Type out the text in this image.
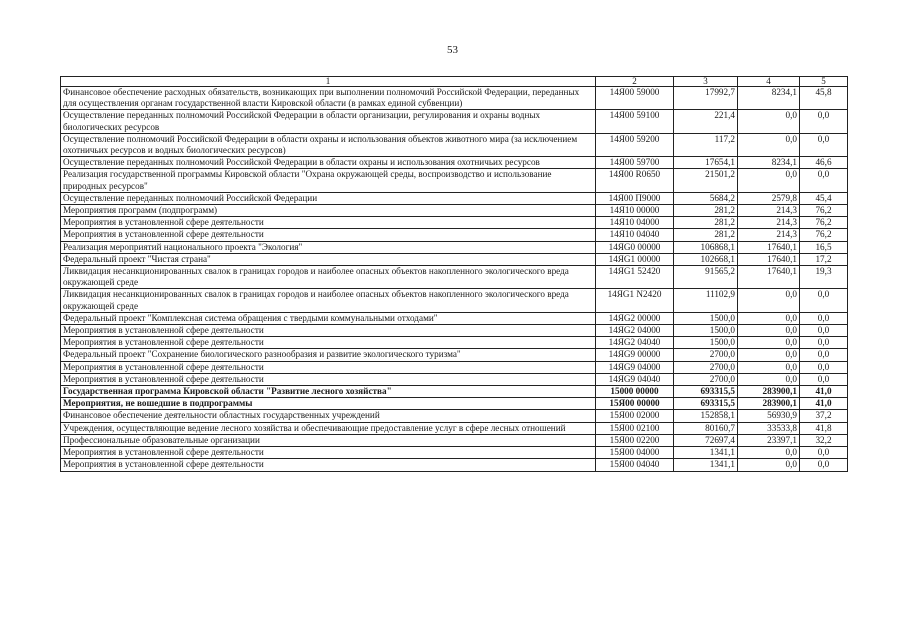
53
1	2	3	4	5
Финансовое обеспечение расходных обязательств, возникающих при выполнении полномочий Российской Федерации, переданных для осуществления органам государственной власти Кировской области (в рамках единой субвенции)	14Я00 59000	17992,7	8234,1	45,8
Осуществление переданных полномочий Российской Федерации в области организации, регулирования и охраны водных биологических ресурсов	14Я00 59100	221,4	0,0	0,0
Осуществление полномочий Российской Федерации в области охраны и использования объектов животного мира (за исключением охотничьих ресурсов и водных биологических ресурсов)	14Я00 59200	117,2	0,0	0,0
Осуществление переданных полномочий Российской Федерации в области охраны и использования охотничьих ресурсов	14Я00 59700	17654,1	8234,1	46,6
Реализация государственной программы Кировской области "Охрана окружающей среды, воспроизводство и использование природных ресурсов"	14Я00 R0650	21501,2	0,0	0,0
Осуществление переданных полномочий Российской Федерации	14Я00 П9000	5684,2	2579,8	45,4
Мероприятия программ (подпрограмм)	14Я10 00000	281,2	214,3	76,2
Мероприятия в установленной сфере деятельности	14Я10 04000	281,2	214,3	76,2
Мероприятия в установленной сфере деятельности	14Я10 04040	281,2	214,3	76,2
Реализация мероприятий национального проекта "Экология"	14ЯG0 00000	106868,1	17640,1	16,5
Федеральный проект "Чистая страна"	14ЯG1 00000	102668,1	17640,1	17,2
Ликвидация несанкционированных свалок в границах городов и наиболее опасных объектов накопленного экологического вреда окружающей среде	14ЯG1 52420	91565,2	17640,1	19,3
Ликвидация несанкционированных свалок в границах городов и наиболее опасных объектов накопленного экологического вреда окружающей среде	14ЯG1 N2420	11102,9	0,0	0,0
Федеральный проект "Комплексная система обращения с твердыми коммунальными отходами"	14ЯG2 00000	1500,0	0,0	0,0
Мероприятия в установленной сфере деятельности	14ЯG2 04000	1500,0	0,0	0,0
Мероприятия в установленной сфере деятельности	14ЯG2 04040	1500,0	0,0	0,0
Федеральный проект "Сохранение биологического разнообразия и развитие экологического туризма"	14ЯG9 00000	2700,0	0,0	0,0
Мероприятия в установленной сфере деятельности	14ЯG9 04000	2700,0	0,0	0,0
Мероприятия в установленной сфере деятельности	14ЯG9 04040	2700,0	0,0	0,0
Государственная программа Кировской области "Развитие лесного хозяйства"	15000 00000	693315,5	283900,1	41,0
Мероприятия, не вошедшие в подпрограммы	15Я00 00000	693315,5	283900,1	41,0
Финансовое обеспечение деятельности областных государственных учреждений	15Я00 02000	152858,1	56930,9	37,2
Учреждения, осуществляющие ведение лесного хозяйства и обеспечивающие предоставление услуг в сфере лесных отношений	15Я00 02100	80160,7	33533,8	41,8
Профессиональные образовательные организации	15Я00 02200	72697,4	23397,1	32,2
Мероприятия в установленной сфере деятельности	15Я00 04000	1341,1	0,0	0,0
Мероприятия в установленной сфере деятельности	15Я00 04040	1341,1	0,0	0,0
